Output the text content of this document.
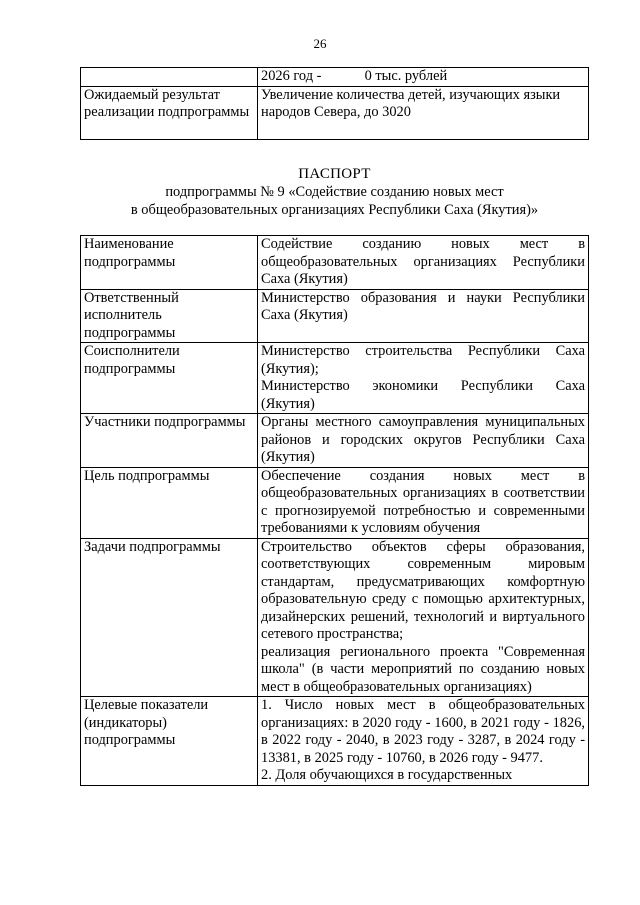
26
	2026 год -            0 тыс. рублей
Ожидаемый результат реализации подпрограммы	Увеличение количества детей, изучающих языки народов Севера, до 3020
ПАСПОРТ
подпрограммы № 9 «Содействие созданию новых мест
в общеобразовательных организациях Республики Саха (Якутия)»
Наименование подпрограммы	Содействие созданию новых мест в общеобразовательных организациях Республики Саха (Якутия)
Ответственный исполнитель подпрограммы	Министерство образования и науки Республики Саха (Якутия)
Соисполнители подпрограммы	Министерство строительства Республики Саха (Якутия);
Министерство экономики Республики Саха (Якутия)

Участники подпрограммы	Органы местного самоуправления муниципальных районов и городских округов Республики Саха (Якутия)
Цель подпрограммы	Обеспечение создания новых мест в общеобразовательных организациях в соответствии с прогнозируемой потребностью и современными требованиями к условиям обучения
Задачи подпрограммы	Строительство объектов сферы образования, соответствующих современным мировым стандартам, предусматривающих комфортную образовательную среду с помощью архитектурных, дизайнерских решений, технологий и виртуального сетевого пространства;
реализация регионального проекта "Современная школа" (в части мероприятий по созданию новых мест в общеобразовательных организациях)

Целевые показатели (индикаторы) подпрограммы	1. Число новых мест в общеобразовательных организациях: в 2020 году - 1600, в 2021 году - 1826, в 2022 году - 2040, в 2023 году - 3287, в 2024 году - 13381, в 2025 году - 10760, в 2026 году - 9477.
2. Доля обучающихся в государственных
